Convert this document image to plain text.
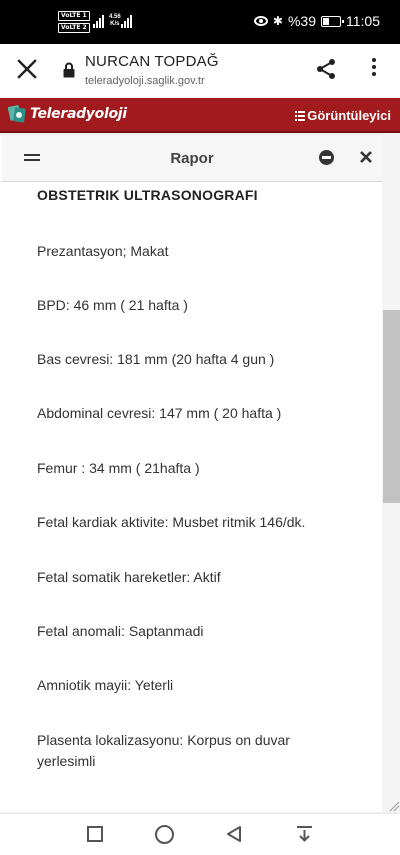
VoLTE 1
VoLTE 2
4.56
K/s	✱ %39 11:05
NURCAN TOPDAĞ
teleradyoloji.saglik.gov.tr
Teleradyoloji	Görüntüleyici
Rapor
OBSTETRIK ULTRASONOGRAFI
Prezantasyon; Makat
BPD: 46 mm ( 21 hafta )
Bas cevresi: 181 mm (20 hafta 4 gun )
Abdominal cevresi: 147 mm ( 20 hafta )
Femur : 34 mm ( 21hafta )
Fetal kardiak aktivite: Musbet ritmik 146/dk.
Fetal somatik hareketler: Aktif
Fetal anomali: Saptanmadi
Amniotik mayii: Yeterli
Plasenta lokalizasyonu: Korpus on duvar yerlesimli
